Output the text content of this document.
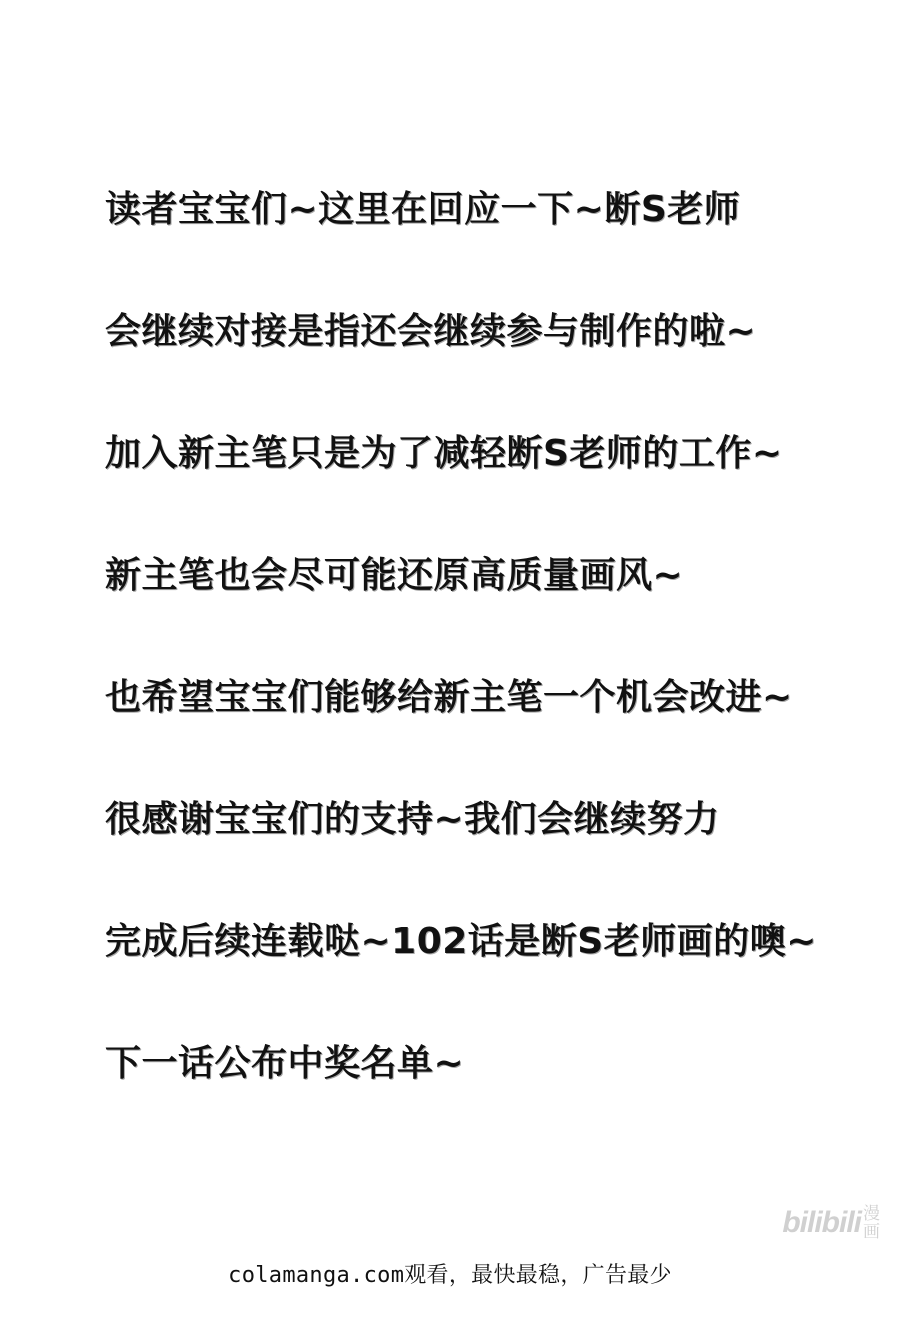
读者宝宝们~这里在回应一下~断S老师
会继续对接是指还会继续参与制作的啦~
加入新主笔只是为了减轻断S老师的工作~
新主笔也会尽可能还原高质量画风~
也希望宝宝们能够给新主笔一个机会改进~
很感谢宝宝们的支持~我们会继续努力
完成后续连载哒~102话是断S老师画的噢~
下一话公布中奖名单~
bilibili 漫
画
colamanga.com观看，最快最稳，广告最少
